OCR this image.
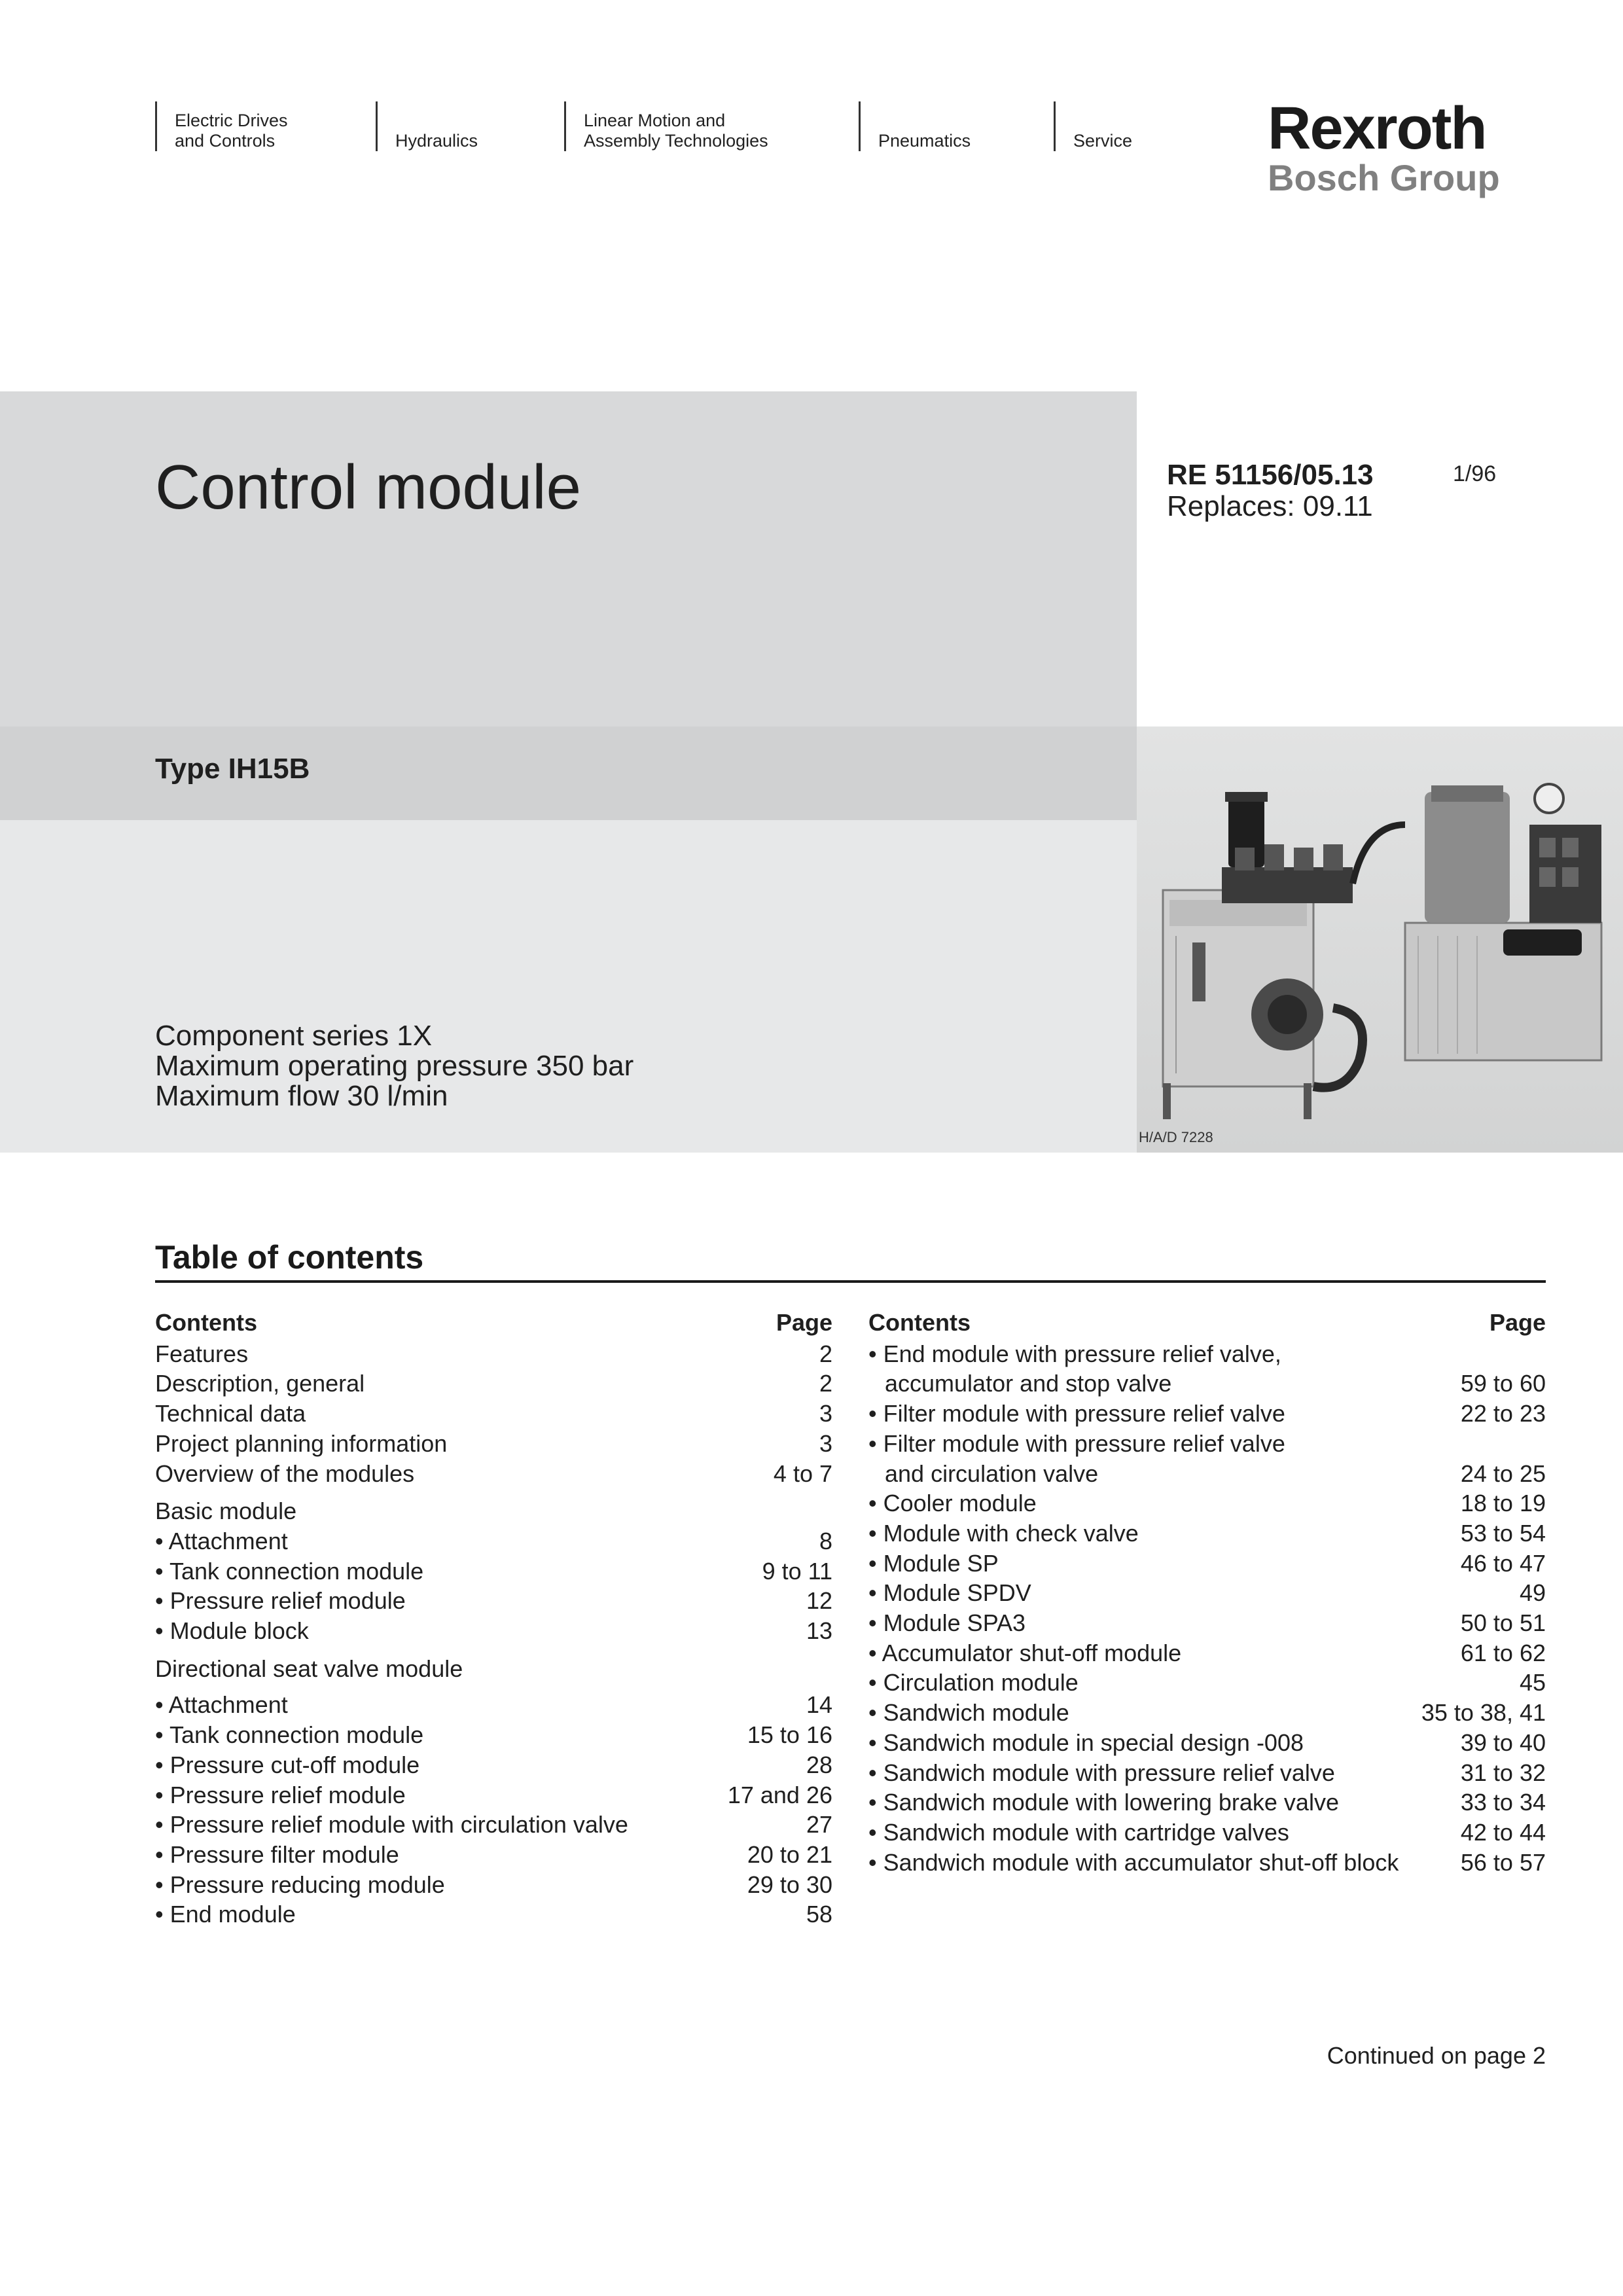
Electric Drives
and Controls	Hydraulics
Linear Motion and
Assembly Technologies	Pneumatics	Service Rexroth
Bosch Group
Control module
Type IH15B
Component series 1X
Maximum operating pressure 350 bar
Maximum flow 30 l/min
RE 51156/05.13
Replaces: 09.11
1/96
H/A/D 7228
Table of contents
Contents	Page
Features	2
Description, general	2
Technical data	3
Project planning information	3
Overview of the modules	4 to 7
Basic module
• Attachment	8
• Tank connection module	9 to 11
• Pressure relief module	12
• Module block	13
Directional seat valve module
• Attachment	14
• Tank connection module	15 to 16
• Pressure cut-off module	28
• Pressure relief module	17 and 26
• Pressure relief module with circulation valve	27
• Pressure filter module	20 to 21
• Pressure reducing module	29 to 30
• End module	58
Contents	Page
• End module with pressure relief valve,
accumulator and stop valve	59 to 60
• Filter module with pressure relief valve	22 to 23
• Filter module with pressure relief valve
and circulation valve	24 to 25
• Cooler module	18 to 19
• Module with check valve	53 to 54
• Module SP	46 to 47
• Module SPDV	49
• Module SPA3	50 to 51
• Accumulator shut-off module	61 to 62
• Circulation module	45
• Sandwich module	35 to 38, 41
• Sandwich module in special design -008	39 to 40
• Sandwich module with pressure relief valve	31 to 32
• Sandwich module with lowering brake valve	33 to 34
• Sandwich module with cartridge valves	42 to 44
• Sandwich module with accumulator shut-off block	56 to 57
Continued on page 2
